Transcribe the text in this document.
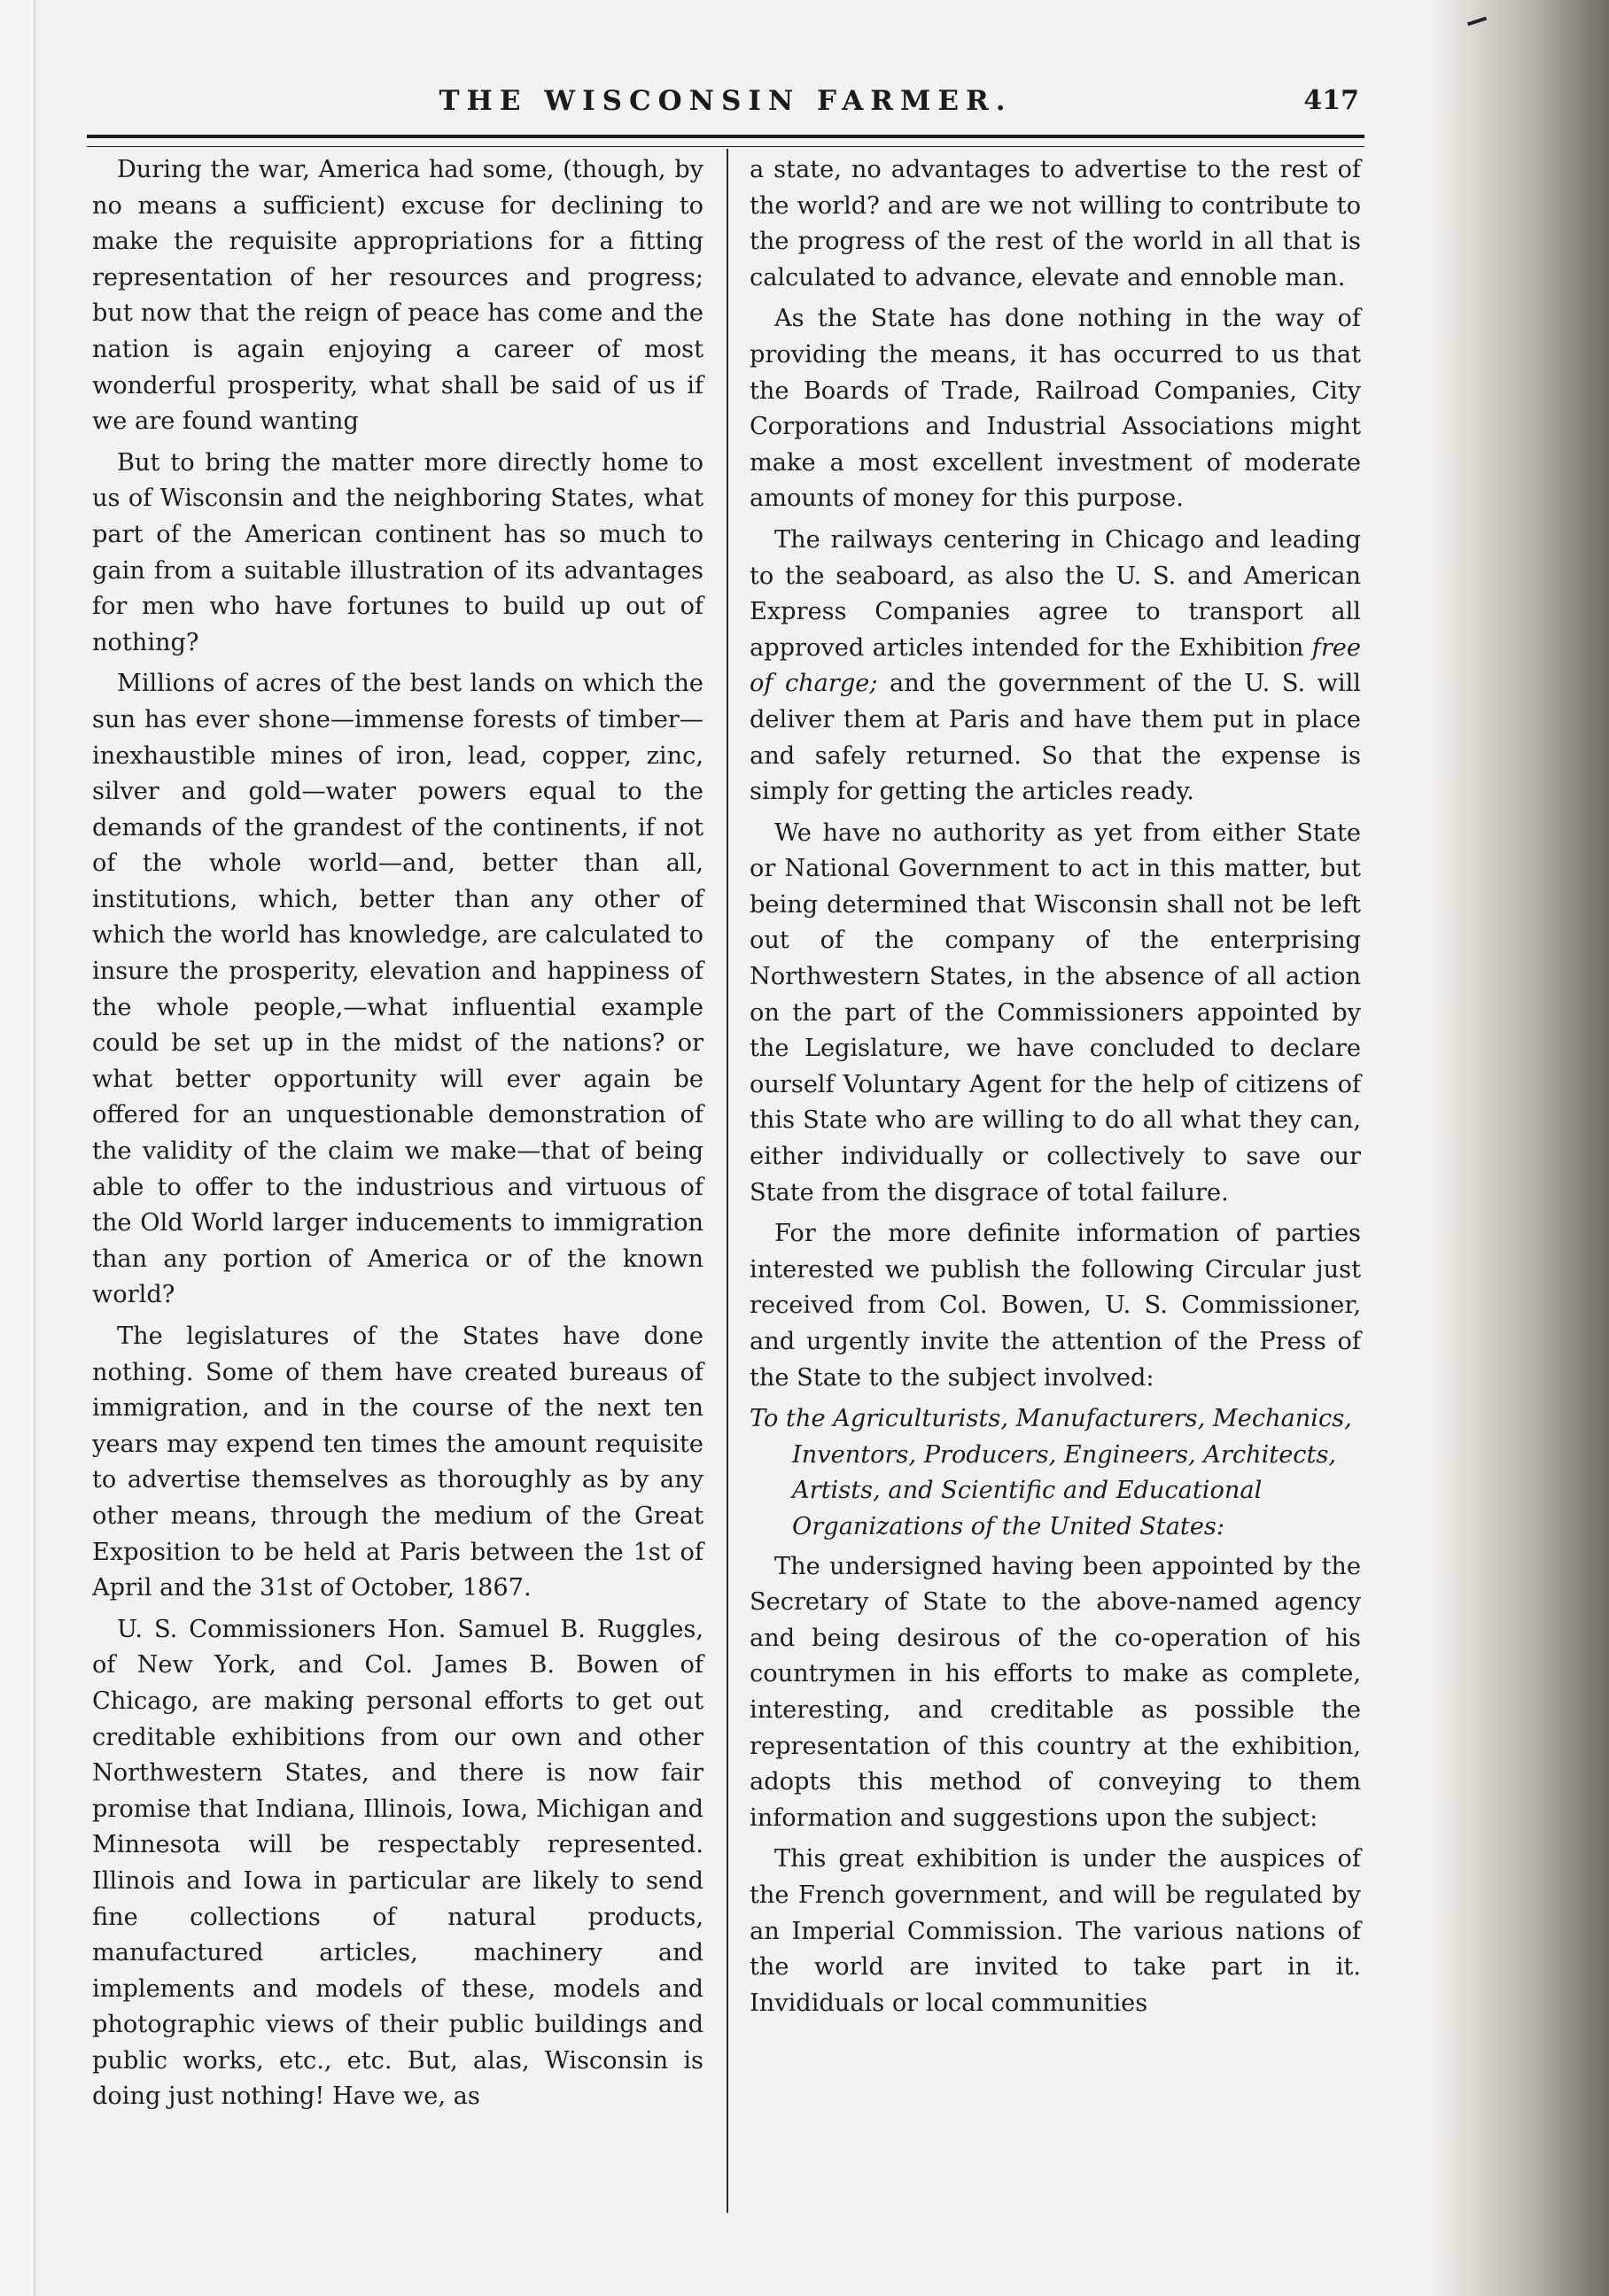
THE WISCONSIN FARMER.	417

During the war, America had some, (though, by no means a sufficient) excuse for declining to make the requisite appropriations for a fitting representation of her resources and progress; but now that the reign of peace has come and the nation is again enjoying a career of most wonderful prosperity, what shall be said of us if we are found wanting

But to bring the matter more directly home to us of Wisconsin and the neighboring States, what part of the American continent has so much to gain from a suitable illustration of its advantages for men who have fortunes to build up out of nothing?

Millions of acres of the best lands on which the sun has ever shone—immense forests of timber—inexhaustible mines of iron, lead, copper, zinc, silver and gold—water powers equal to the demands of the grandest of the continents, if not of the whole world—and, better than all, institutions, which, better than any other of which the world has knowledge, are calculated to insure the prosperity, elevation and happiness of the whole people,—what influential example could be set up in the midst of the nations? or what better opportunity will ever again be offered for an unquestionable demonstration of the validity of the claim we make—that of being able to offer to the industrious and virtuous of the Old World larger inducements to immigration than any portion of America or of the known world?

The legislatures of the States have done nothing. Some of them have created bureaus of immigration, and in the course of the next ten years may expend ten times the amount requisite to advertise themselves as thoroughly as by any other means, through the medium of the Great Exposition to be held at Paris between the 1st of April and the 31st of October, 1867.

U. S. Commissioners Hon. Samuel B. Ruggles, of New York, and Col. James B. Bowen of Chicago, are making personal efforts to get out creditable exhibitions from our own and other Northwestern States, and there is now fair promise that Indiana, Illinois, Iowa, Michigan and Minnesota will be respectably represented. Illinois and Iowa in particular are likely to send fine collections of natural products, manufactured articles, machinery and implements and models of these, models and photographic views of their public buildings and public works, etc., etc. But, alas, Wisconsin is doing just nothing! Have we, as

a state, no advantages to advertise to the rest of the world? and are we not willing to contribute to the progress of the rest of the world in all that is calculated to advance, elevate and ennoble man.

As the State has done nothing in the way of providing the means, it has occurred to us that the Boards of Trade, Railroad Companies, City Corporations and Industrial Associations might make a most excellent investment of moderate amounts of money for this purpose.

The railways centering in Chicago and leading to the seaboard, as also the U. S. and American Express Companies agree to transport all approved articles intended for the Exhibition free of charge; and the government of the U. S. will deliver them at Paris and have them put in place and safely returned. So that the expense is simply for getting the articles ready.

We have no authority as yet from either State or National Government to act in this matter, but being determined that Wisconsin shall not be left out of the company of the enterprising Northwestern States, in the absence of all action on the part of the Commissioners appointed by the Legislature, we have concluded to declare ourself Voluntary Agent for the help of citizens of this State who are willing to do all what they can, either individually or collectively to save our State from the disgrace of total failure.

For the more definite information of parties interested we publish the following Circular just received from Col. Bowen, U. S. Commissioner, and urgently invite the attention of the Press of the State to the subject involved:

To the Agriculturists, Manufacturers, Mechanics, Inventors, Producers, Engineers, Architects, Artists, and Scientific and Educational Organizations of the United States:

The undersigned having been appointed by the Secretary of State to the above-named agency and being desirous of the co-operation of his countrymen in his efforts to make as complete, interesting, and creditable as possible the representation of this country at the exhibition, adopts this method of conveying to them information and suggestions upon the subject:

This great exhibition is under the auspices of the French government, and will be regulated by an Imperial Commission. The various nations of the world are invited to take part in it. Invididuals or local communities
